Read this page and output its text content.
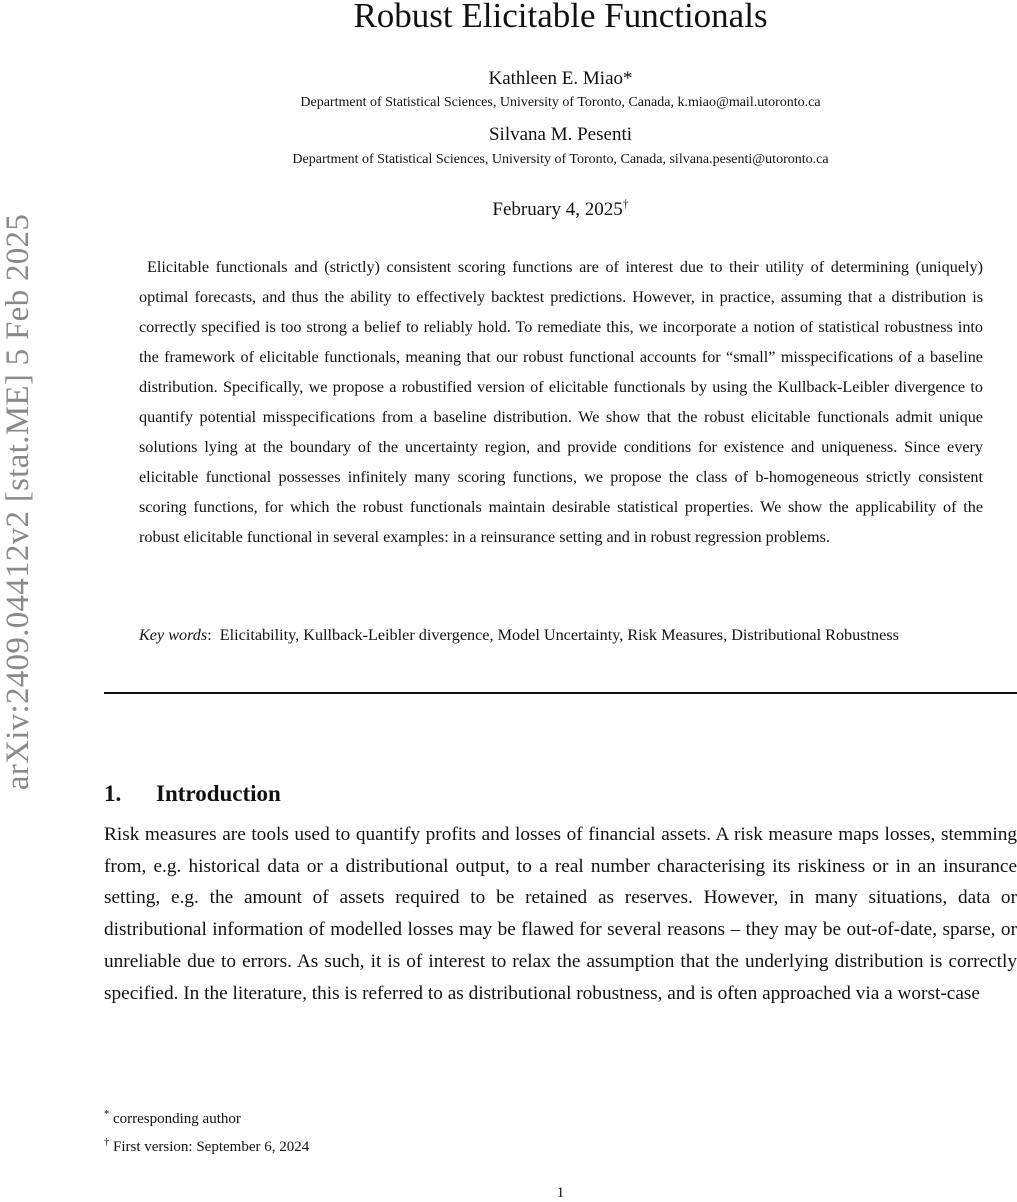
arXiv:2409.04412v2 [stat.ME] 5 Feb 2025
Robust Elicitable Functionals
Kathleen E. Miao*
Department of Statistical Sciences, University of Toronto, Canada, k.miao@mail.utoronto.ca
Silvana M. Pesenti
Department of Statistical Sciences, University of Toronto, Canada, silvana.pesenti@utoronto.ca
February 4, 2025†

Elicitable functionals and (strictly) consistent scoring functions are of interest due to their utility of determining (uniquely) optimal forecasts, and thus the ability to effectively backtest predictions. However, in practice, assuming that a distribution is correctly specified is too strong a belief to reliably hold. To remediate this, we incorporate a notion of statistical robustness into the framework of elicitable functionals, meaning that our robust functional accounts for “small” misspecifications of a baseline distribution. Specifically, we propose a robustified version of elicitable functionals by using the Kullback-Leibler divergence to quantify potential misspecifications from a baseline distribution. We show that the robust elicitable functionals admit unique solutions lying at the boundary of the uncertainty region, and provide conditions for existence and uniqueness. Since every elicitable functional possesses infinitely many scoring functions, we propose the class of b-homogeneous strictly consistent scoring functions, for which the robust functionals maintain desirable statistical properties. We show the applicability of the robust elicitable functional in several examples: in a reinsurance setting and in robust regression problems.

Key words:  Elicitability, Kullback-Leibler divergence, Model Uncertainty, Risk Measures, Distributional Robustness

1. Introduction

Risk measures are tools used to quantify profits and losses of financial assets. A risk measure maps losses, stemming from, e.g. historical data or a distributional output, to a real number characterising its riskiness or in an insurance setting, e.g. the amount of assets required to be retained as reserves. However, in many situations, data or distributional information of modelled losses may be flawed for several reasons – they may be out-of-date, sparse, or unreliable due to errors. As such, it is of interest to relax the assumption that the underlying distribution is correctly specified. In the literature, this is referred to as distributional robustness, and is often approached via a worst-case

* corresponding author
† First version: September 6, 2024
1
